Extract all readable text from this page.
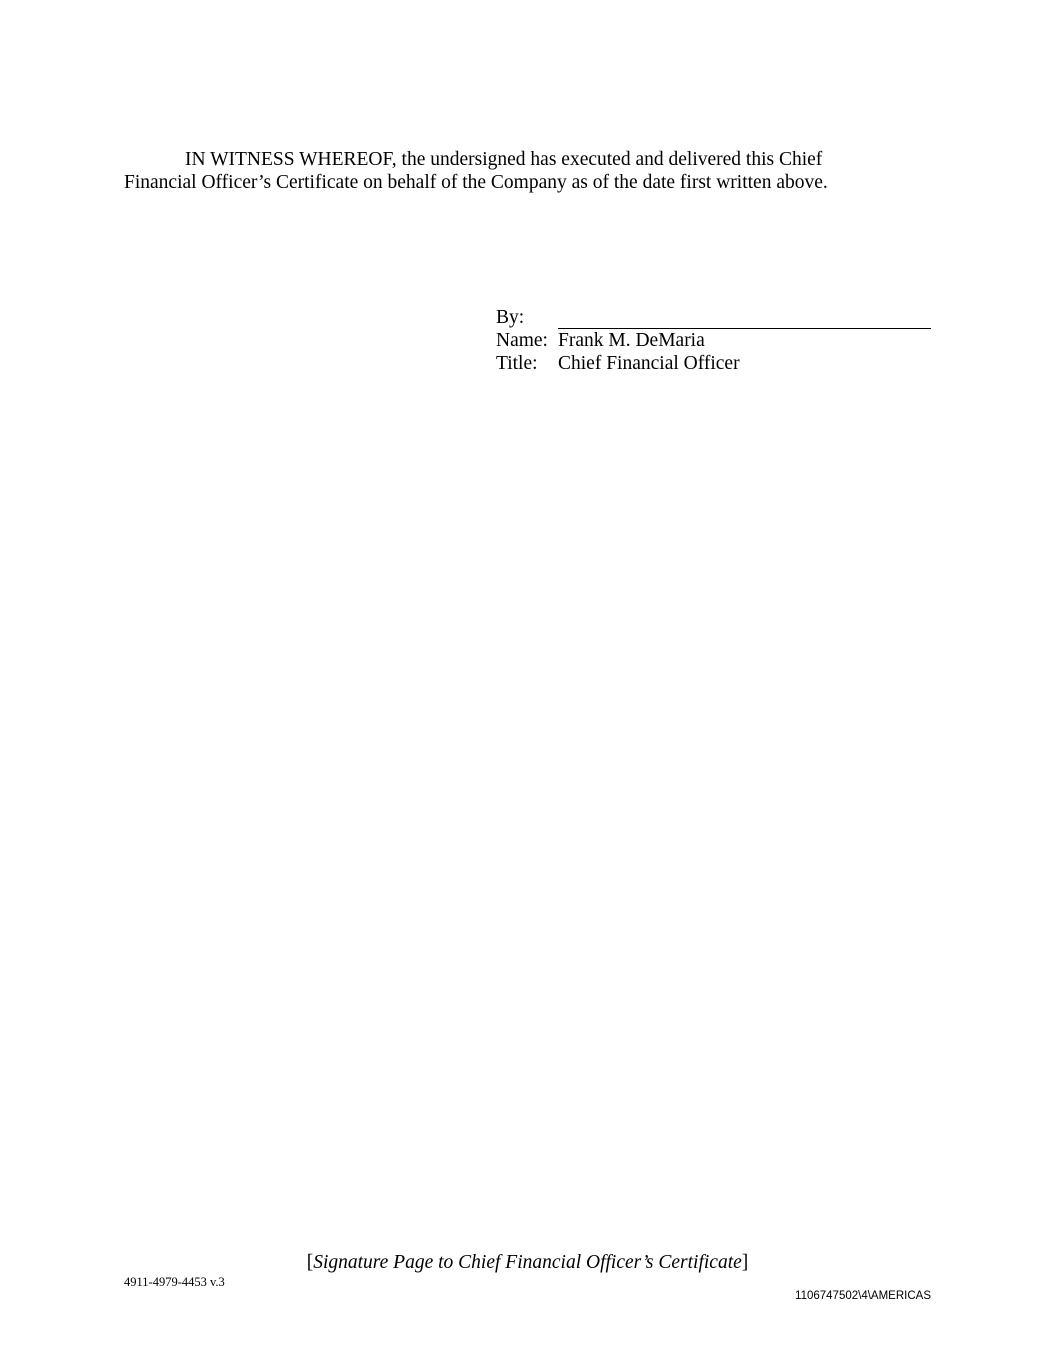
IN WITNESS WHEREOF, the undersigned has executed and delivered this Chief
Financial Officer’s Certificate on behalf of the Company as of the date first written above.

By:
Name: Frank M. DeMaria
Title:	Chief Financial Officer
[Signature Page to Chief Financial Officer’s Certificate]
4911-4979-4453 v.3
1106747502\4\AMERICAS
